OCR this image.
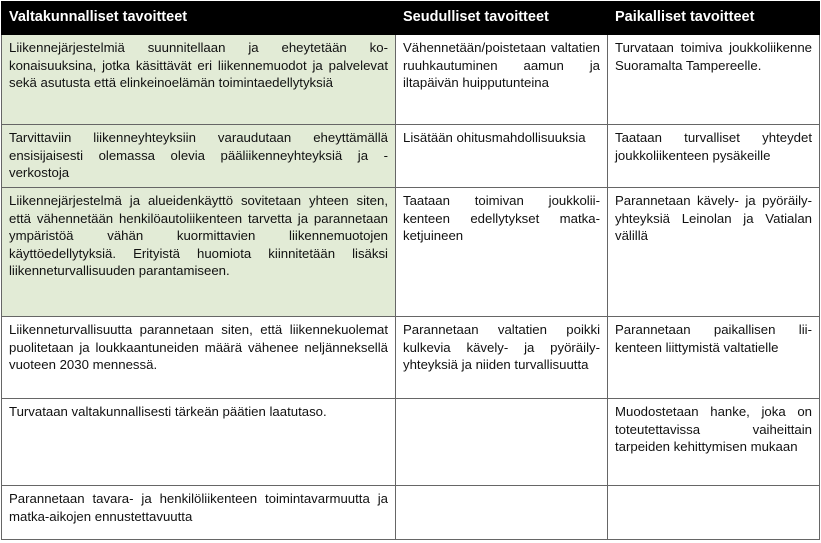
Valtakunnalliset tavoitteet	Seudulliset tavoitteet	Paikalliset tavoitteet

Liikennejärjestelmiä suunnitellaan ja eheytetään kokonaisuuksina, jotka käsittävät eri liikennemuodot ja palvelevat sekä asutusta että elinkeinoelämän toimintaedellytyksiä	Vähennetään/poistetaan valtatien ruuhkautuminen aamun ja iltapäivän huipputunteina	Turvataan toimiva joukkoliikenne Suoramalta Tampereelle.

Tarvittaviin liikenneyhteyksiin varaudutaan eheyttämällä ensisijaisesti olemassa olevia pääliikenneyhteyksiä ja -verkostoja	Lisätään ohitusmahdollisuuksia	Taataan turvalliset yhteydet joukkoliikenteen pysäkeille

Liikennejärjestelmä ja alueidenkäyttö sovitetaan yhteen siten, että vähennetään henkilöautoliikenteen tarvetta ja parannetaan ympäristöä vähän kuormittavien liikennemuotojen käyttöedellytyksiä. Erityistä huomiota kiinnitetään lisäksi liikenneturvallisuuden parantamiseen.	Taataan toimivan joukkoliikenteen edellytykset matkaketjuineen	Parannetaan kävely- ja pyöräily-yhteyksiä Leinolan ja Vatialan välillä

Liikenneturvallisuutta parannetaan siten, että liikennekuolemat puolitetaan ja loukkaantuneiden määrä vähenee neljänneksellä vuoteen 2030 mennessä.	Parannetaan valtatien poikki kulkevia kävely- ja pyöräily-yhteyksiä ja niiden turvallisuutta	Parannetaan paikallisen liikenteen liittymistä valtatielle

Turvataan valtakunnallisesti tärkeän päätien laatutaso.		Muodostetaan hanke, joka on toteutettavissa vaiheittain tarpeiden kehittymisen mukaan

Parannetaan tavara- ja henkilöliikenteen toimintavarmuutta ja matka-aikojen ennustettavuutta		
